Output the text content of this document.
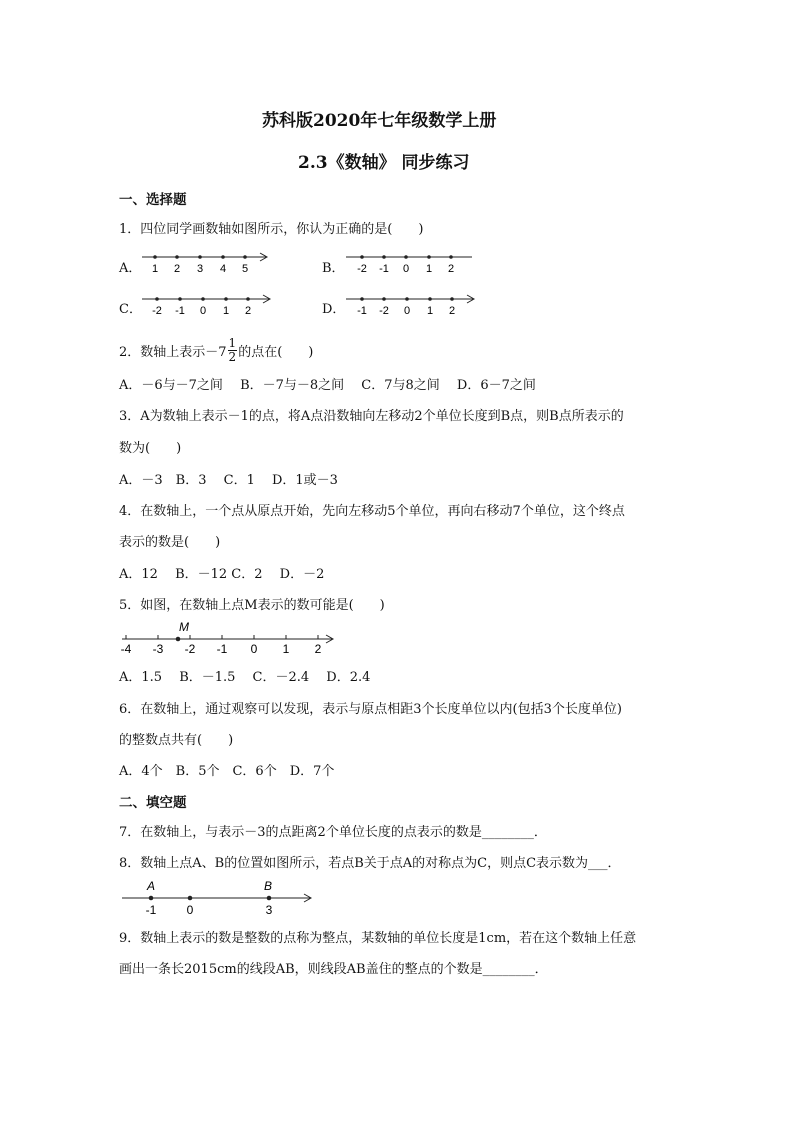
苏科版2020年七年级数学上册
2.3《数轴》 同步练习
一、选择题
1．四位同学画数轴如图所示，你认为正确的是(　　)
A． 1 2 3 4 5	B． -2 -1 0 1 2
C． -2 -1 0 1 2	D． -1 -2 0 1 2
2．数轴上表示$-7 \frac{1}{2}$ 的点在(　　)
A．－6与－7之间　 B．－7与－8之间　 C．7与8之间　 D．6－7之间
3．A为数轴上表示－1的点，将A点沿数轴向左移动2个单位长度到B点，则B点所表示的
数为(　　)
A．－3　B．3　 C．1　 D．1或－3
4．在数轴上，一个点从原点开始，先向左移动5个单位，再向右移动7个单位，这个终点
表示的数是(　　)
A．12　 B．－12 C．2　 D．－2
5．如图，在数轴上点M表示的数可能是(　　)
M
-4 -3 -2 -1 0 1 2
A．1.5　 B．－1.5　 C．－2.4　 D．2.4
6．在数轴上，通过观察可以发现，表示与原点相距3个长度单位以内(包括3个长度单位)
的整数点共有(　　)
A．4个　B．5个　C．6个　D．7个
二、填空题
7．在数轴上，与表示－3的点距离2个单位长度的点表示的数是________．
8．数轴上点A、B的位置如图所示，若点B关于点A的对称点为C，则点C表示数为___．
A	B
-1	0	3
9．数轴上表示的数是整数的点称为整点，某数轴的单位长度是1cm，若在这个数轴上任意
画出一条长2015cm的线段AB，则线段AB盖住的整点的个数是________．
